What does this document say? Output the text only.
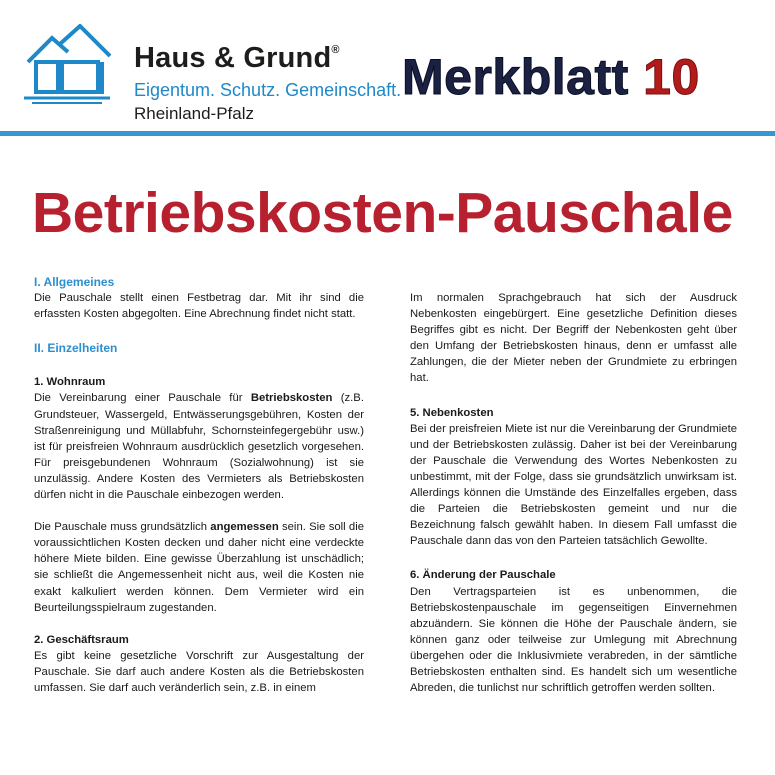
Haus & Grund®
Eigentum. Schutz. Gemeinschaft.
Rheinland-Pfalz
Merkblatt 10
Betriebskosten-Pauschale

I. Allgemeines

Die Pauschale stellt einen Festbetrag dar. Mit ihr sind die erfassten Kosten abgegolten. Eine Abrechnung findet nicht statt.

II. Einzelheiten

1. Wohnraum

Die Vereinbarung einer Pauschale für Betriebskosten (z.B. Grundsteuer, Wassergeld, Entwässerungsgebühren, Kosten der Straßenreinigung und Müllabfuhr, Schornsteinfegergebühr usw.) ist für preisfreien Wohnraum ausdrücklich gesetzlich vorgesehen. Für preisgebundenen Wohnraum (Sozialwohnung) ist sie unzulässig. Andere Kosten des Vermieters als Betriebskosten dürfen nicht in die Pauschale einbezogen werden.

Die Pauschale muss grundsätzlich angemessen sein. Sie soll die voraussichtlichen Kosten decken und daher nicht eine verdeckte höhere Miete bilden. Eine gewisse Überzahlung ist unschädlich; sie schließt die Angemessenheit nicht aus, weil die Kosten nie exakt kalkuliert werden können. Dem Vermieter wird ein Beurteilungsspielraum zugestanden.

2. Geschäftsraum

Es gibt keine gesetzliche Vorschrift zur Ausgestaltung der Pauschale. Sie darf auch andere Kosten als die Betriebskosten umfassen. Sie darf auch veränderlich sein, z.B. in einem

Im normalen Sprachgebrauch hat sich der Ausdruck Nebenkosten eingebürgert. Eine gesetzliche Definition dieses Begriffes gibt es nicht. Der Begriff der Nebenkosten geht über den Umfang der Betriebskosten hinaus, denn er umfasst alle Zahlungen, die der Mieter neben der Grundmiete zu erbringen hat.

5. Nebenkosten

Bei der preisfreien Miete ist nur die Vereinbarung der Grundmiete und der Betriebskosten zulässig. Daher ist bei der Vereinbarung der Pauschale die Verwendung des Wortes Nebenkosten zu unbestimmt, mit der Folge, dass sie grundsätzlich unwirksam ist. Allerdings können die Umstände des Einzelfalles ergeben, dass die Parteien die Betriebskosten gemeint und nur die Bezeichnung falsch gewählt haben. In diesem Fall umfasst die Pauschale dann das von den Parteien tatsächlich Gewollte.

6. Änderung der Pauschale

Den Vertragsparteien ist es unbenommen, die Betriebskostenpauschale im gegenseitigen Einvernehmen abzuändern. Sie können die Höhe der Pauschale ändern, sie können ganz oder teilweise zur Umlegung mit Abrechnung übergehen oder die Inklusivmiete verabreden, in der sämtliche Betriebskosten enthalten sind. Es handelt sich um wesentliche Abreden, die tunlichst nur schriftlich getroffen werden sollten.
